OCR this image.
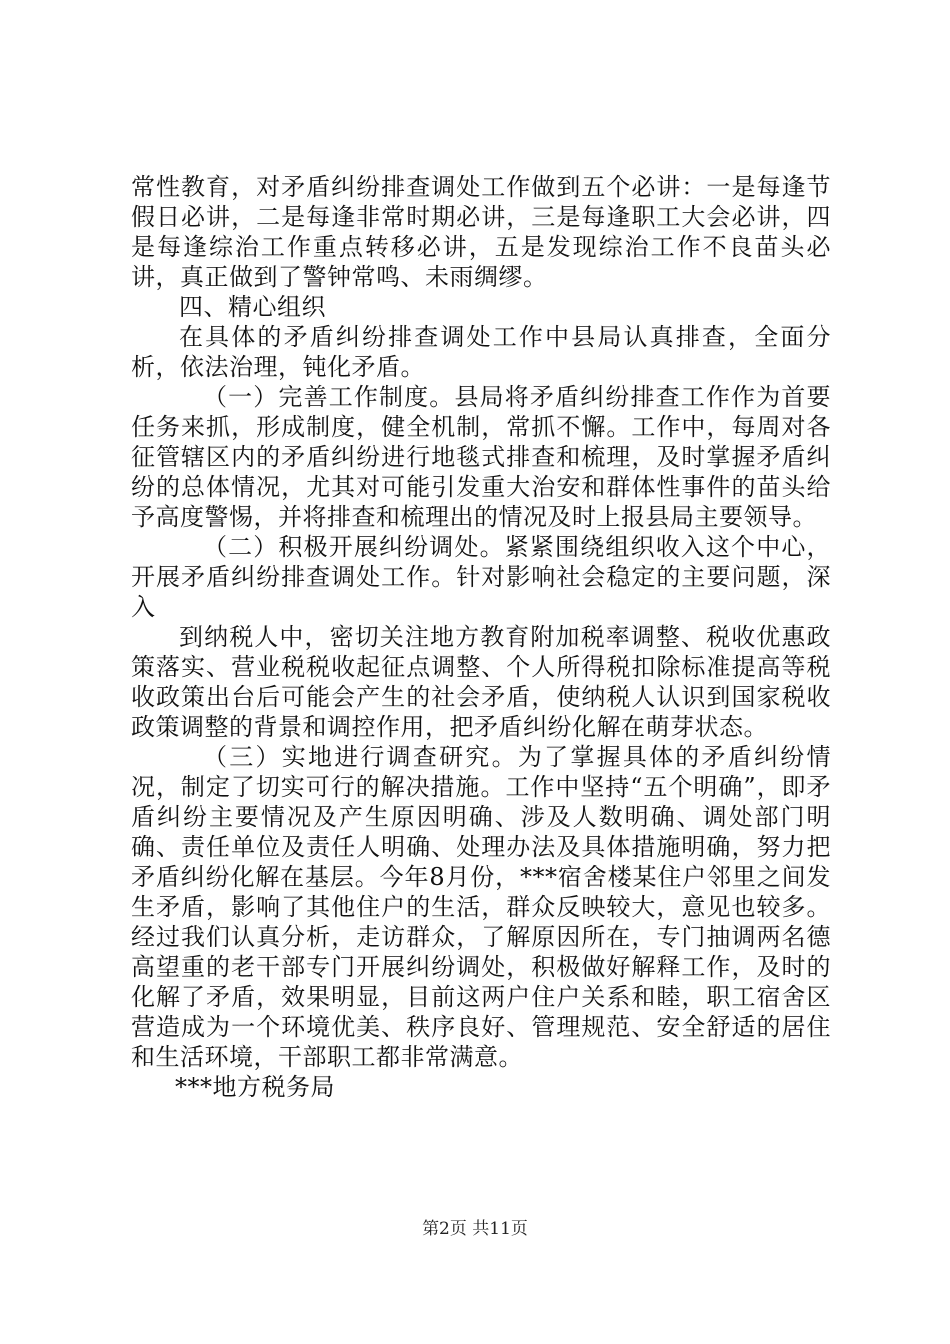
常性教育，对矛盾纠纷排查调处工作做到五个必讲：一是每逢节假日必讲，二是每逢非常时期必讲，三是每逢职工大会必讲，四是每逢综治工作重点转移必讲，五是发现综治工作不良苗头必讲，真正做到了警钟常鸣、未雨绸缪。

四、精心组织

在具体的矛盾纠纷排查调处工作中县局认真排查，全面分析，依法治理，钝化矛盾。

（一）完善工作制度。县局将矛盾纠纷排查工作作为首要任务来抓，形成制度，健全机制，常抓不懈。工作中，每周对各征管辖区内的矛盾纠纷进行地毯式排查和梳理，及时掌握矛盾纠纷的总体情况，尤其对可能引发重大治安和群体性事件的苗头给予高度警惕，并将排查和梳理出的情况及时上报县局主要领导。

（二）积极开展纠纷调处。紧紧围绕组织收入这个中心，开展矛盾纠纷排查调处工作。针对影响社会稳定的主要问题，深入

到纳税人中，密切关注地方教育附加税率调整、税收优惠政策落实、营业税税收起征点调整、个人所得税扣除标准提高等税收政策出台后可能会产生的社会矛盾，使纳税人认识到国家税收政策调整的背景和调控作用，把矛盾纠纷化解在萌芽状态。

（三）实地进行调查研究。为了掌握具体的矛盾纠纷情况，制定了切实可行的解决措施。工作中坚持“五个明确”，即矛盾纠纷主要情况及产生原因明确、涉及人数明确、调处部门明确、责任单位及责任人明确、处理办法及具体措施明确，努力把矛盾纠纷化解在基层。今年8月份，***宿舍楼某住户邻里之间发生矛盾，影响了其他住户的生活，群众反映较大，意见也较多。经过我们认真分析，走访群众，了解原因所在，专门抽调两名德高望重的老干部专门开展纠纷调处，积极做好解释工作，及时的化解了矛盾，效果明显，目前这两户住户关系和睦，职工宿舍区营造成为一个环境优美、秩序良好、管理规范、安全舒适的居住和生活环境，干部职工都非常满意。

***地方税务局

第2页 共11页
